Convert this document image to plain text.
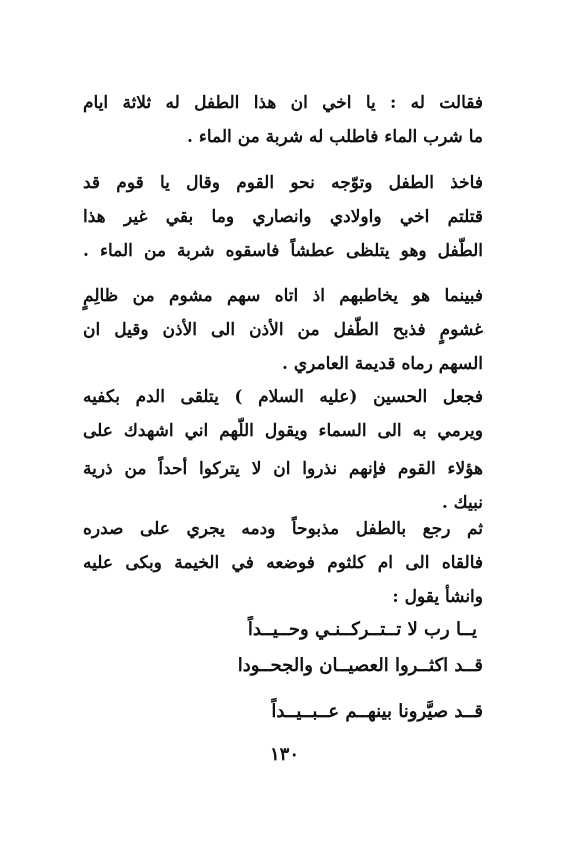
فقالت له : يا اخي ان هذا الطفل له ثلاثة ايام
ما شرب الماء فاطلب له شربة من الماء .
فاخذ الطفل وتوّجه نحو القوم وقال يا قوم قد
قتلتم اخي واولادي وانصاري وما بقي غير هذا
الطّفل وهو يتلظى عطشاً فاسقوه شربة من الماء .
فبينما هو يخاطبهم اذ اتاه سهم مشوم من ظالِمٍ
غشومٍ فذبح الطّفل من الأذن الى الأذن وقيل ان
السهم رماه قديمة العامري .
فجعل الحسين (عليه السلام ) يتلقى الدم بكفيه
ويرمي به الى السماء ويقول اللّهم اني اشهدك على
هؤلاء القوم فإنهم نذروا ان لا يتركوا أحداً من ذرية
نبيك .
ثم رجع بالطفل مذبوحاً ودمه يجري على صدره
فالقاه الى ام كلثوم فوضعه في الخيمة وبكى عليه
وانشأ يقول :
يــا رب لا تــتــركــنـي وحــيــداً
قــد اكثــروا العصيــان والجحــودا
قــد صيَّرونا بينهــم عــبــيــداً
١٣٠
